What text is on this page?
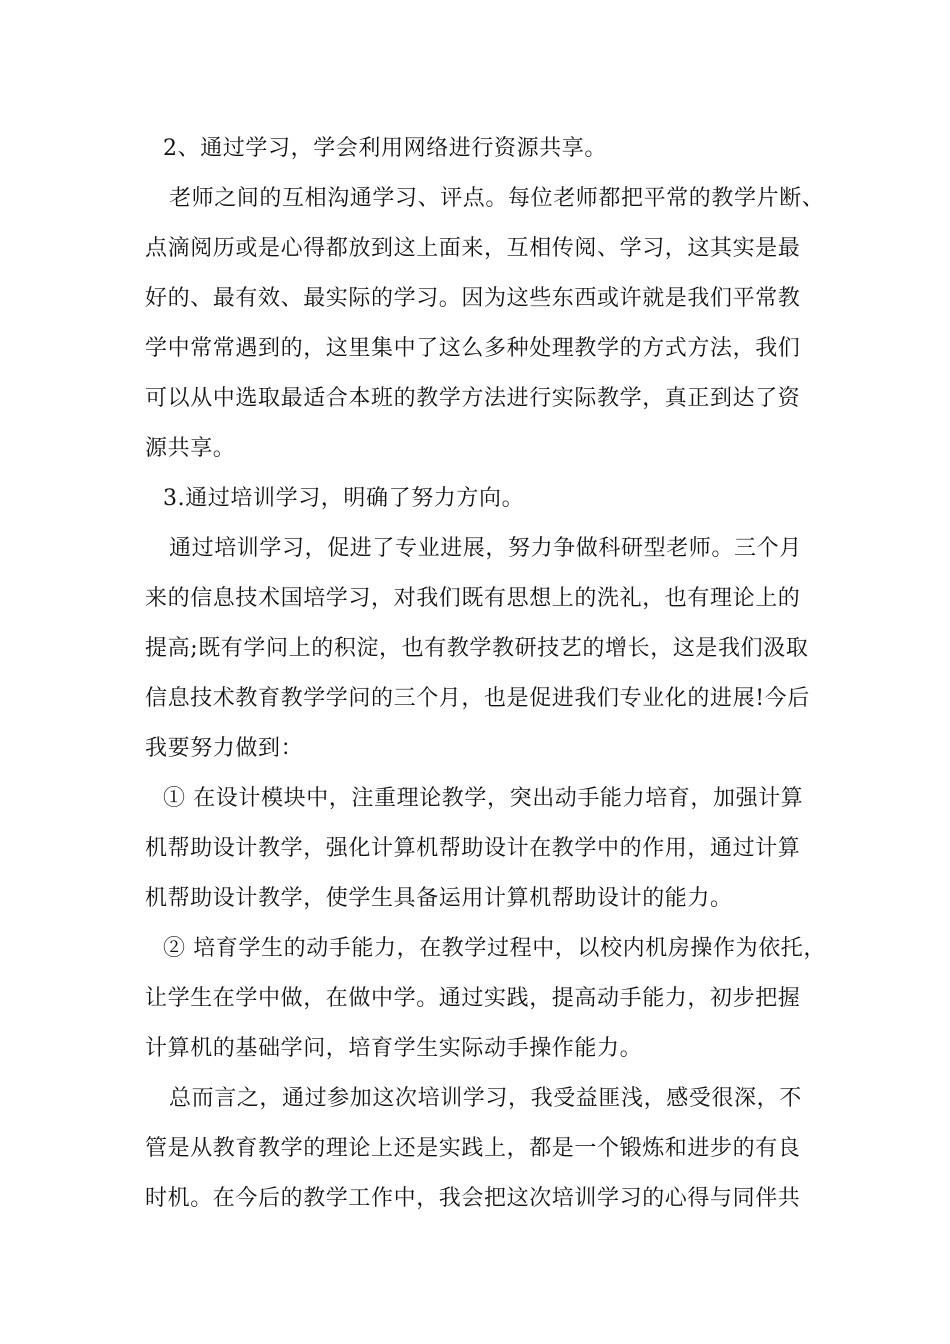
2、通过学习，学会利用网络进行资源共享。

老师之间的互相沟通学习、评点。每位老师都把平常的教学片断、

点滴阅历或是心得都放到这上面来，互相传阅、学习，这其实是最

好的、最有效、最实际的学习。因为这些东西或许就是我们平常教

学中常常遇到的，这里集中了这么多种处理教学的方式方法，我们

可以从中选取最适合本班的教学方法进行实际教学，真正到达了资

源共享。

3.通过培训学习，明确了努力方向。

通过培训学习，促进了专业进展，努力争做科研型老师。三个月

来的信息技术国培学习，对我们既有思想上的洗礼，也有理论上的

提高;既有学问上的积淀，也有教学教研技艺的增长，这是我们汲取

信息技术教育教学学问的三个月，也是促进我们专业化的进展!今后

我要努力做到：

① 在设计模块中，注重理论教学，突出动手能力培育，加强计算

机帮助设计教学，强化计算机帮助设计在教学中的作用，通过计算

机帮助设计教学，使学生具备运用计算机帮助设计的能力。

② 培育学生的动手能力，在教学过程中，以校内机房操作为依托，

让学生在学中做，在做中学。通过实践，提高动手能力，初步把握

计算机的基础学问，培育学生实际动手操作能力。

总而言之，通过参加这次培训学习，我受益匪浅，感受很深，不

管是从教育教学的理论上还是实践上，都是一个锻炼和进步的有良

时机。在今后的教学工作中，我会把这次培训学习的心得与同伴共
